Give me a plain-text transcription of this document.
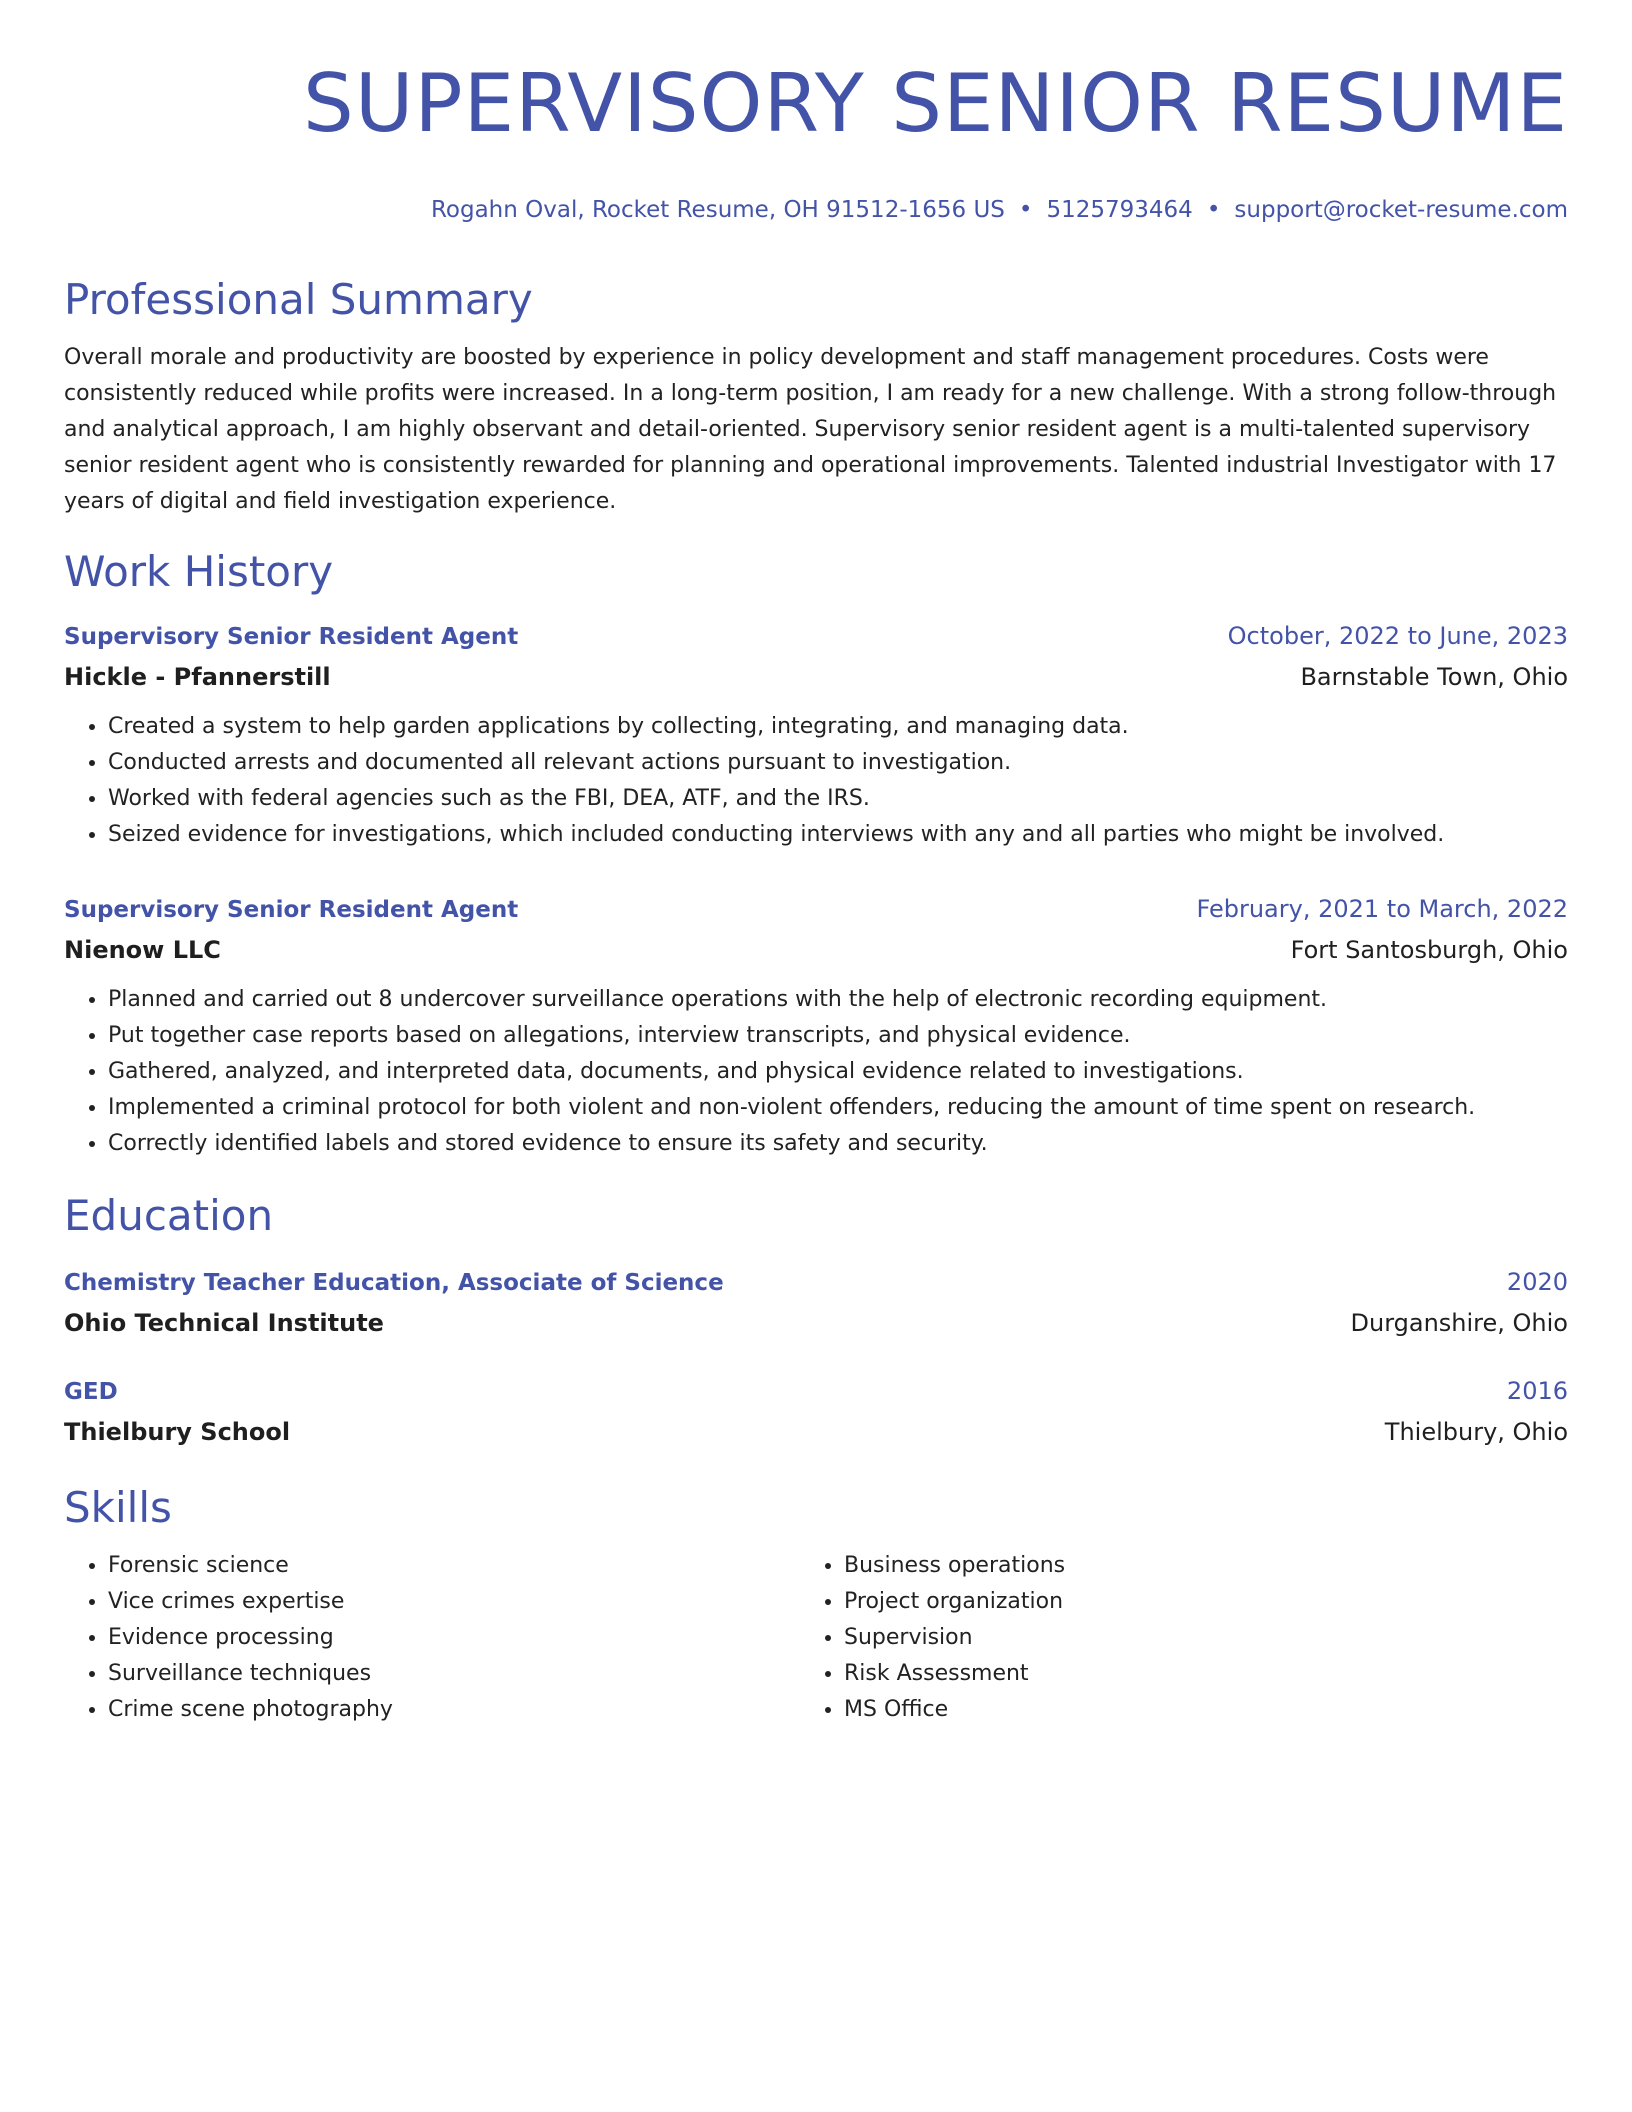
SUPERVISORY SENIOR RESUME
Rogahn Oval, Rocket Resume, OH 91512-1656 US • 5125793464 • support@rocket-resume.com
Professional Summary
Overall morale and productivity are boosted by experience in policy development and staff management procedures. Costs were consistently reduced while profits were increased. In a long-term position, I am ready for a new challenge. With a strong follow-through and analytical approach, I am highly observant and detail-oriented. Supervisory senior resident agent is a multi-talented supervisory senior resident agent who is consistently rewarded for planning and operational improvements. Talented industrial Investigator with 17 years of digital and field investigation experience.
Work History
Supervisory Senior Resident Agent	October, 2022 to June, 2023
Hickle - Pfannerstill	Barnstable Town, Ohio
• Created a system to help garden applications by collecting, integrating, and managing data.
• Conducted arrests and documented all relevant actions pursuant to investigation.
• Worked with federal agencies such as the FBI, DEA, ATF, and the IRS.
• Seized evidence for investigations, which included conducting interviews with any and all parties who might be involved.
Supervisory Senior Resident Agent	February, 2021 to March, 2022
Nienow LLC	Fort Santosburgh, Ohio
• Planned and carried out 8 undercover surveillance operations with the help of electronic recording equipment.
• Put together case reports based on allegations, interview transcripts, and physical evidence.
• Gathered, analyzed, and interpreted data, documents, and physical evidence related to investigations.
• Implemented a criminal protocol for both violent and non-violent offenders, reducing the amount of time spent on research.
• Correctly identified labels and stored evidence to ensure its safety and security.
Education
Chemistry Teacher Education, Associate of Science	2020
Ohio Technical Institute	Durganshire, Ohio
GED	2016
Thielbury School	Thielbury, Ohio
Skills
• Forensic science
• Vice crimes expertise
• Evidence processing
• Surveillance techniques
• Crime scene photography
• Business operations
• Project organization
• Supervision
• Risk Assessment
• MS Office
